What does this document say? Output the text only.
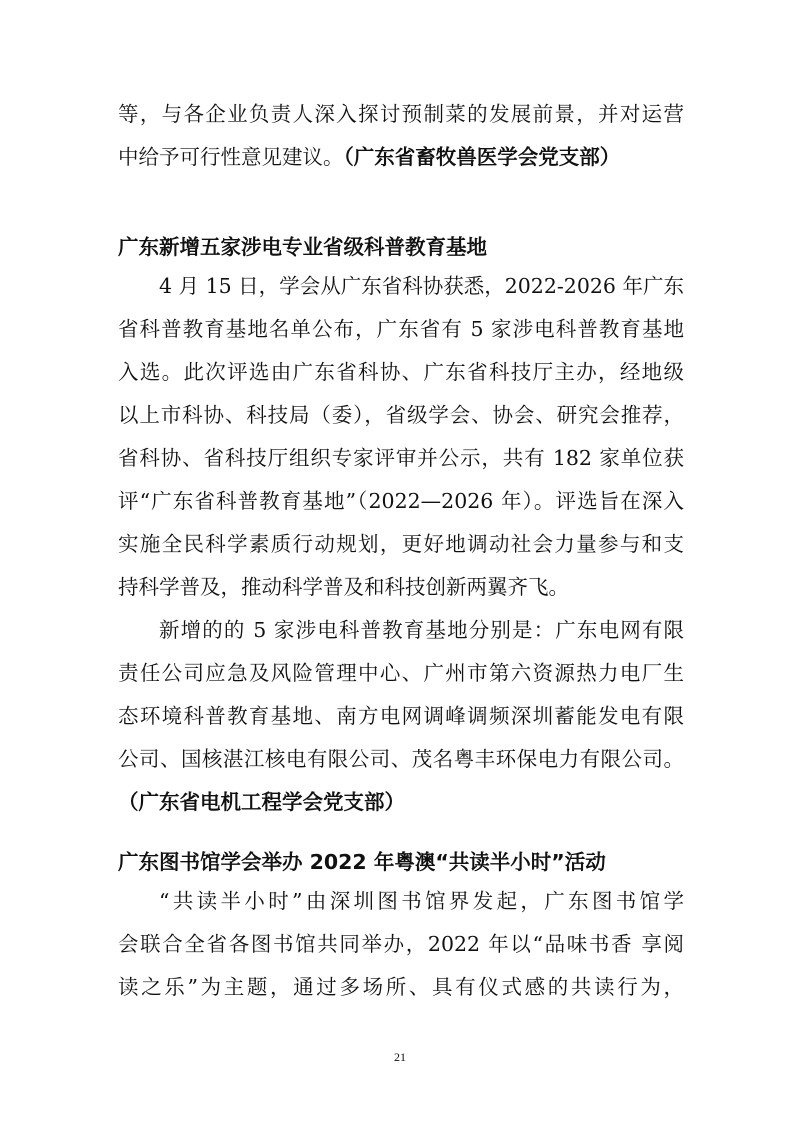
等，与各企业负责人深入探讨预制菜的发展前景，并对运营
中给予可行性意见建议。（广东省畜牧兽医学会党支部）
广东新增五家涉电专业省级科普教育基地
4 月 15 日，学会从广东省科协获悉，2022-2026 年广东
省科普教育基地名单公布，广东省有 5 家涉电科普教育基地
入选。此次评选由广东省科协、广东省科技厅主办，经地级
以上市科协、科技局（委），省级学会、协会、研究会推荐，
省科协、省科技厅组织专家评审并公示，共有 182 家单位获
评“广东省科普教育基地”（2022—2026 年）。评选旨在深入
实施全民科学素质行动规划，更好地调动社会力量参与和支
持科学普及，推动科学普及和科技创新两翼齐飞。
新增的的 5 家涉电科普教育基地分别是：广东电网有限
责任公司应急及风险管理中心、广州市第六资源热力电厂生
态环境科普教育基地、南方电网调峰调频深圳蓄能发电有限
公司、国核湛江核电有限公司、茂名粤丰环保电力有限公司。
（广东省电机工程学会党支部）
广东图书馆学会举办 2022 年粤澳“共读半小时”活动
“共读半小时”由深圳图书馆界发起，广东图书馆学
会联合全省各图书馆共同举办，2022 年以“品味书香 享阅
读之乐”为主题，通过多场所、具有仪式感的共读行为，
21
